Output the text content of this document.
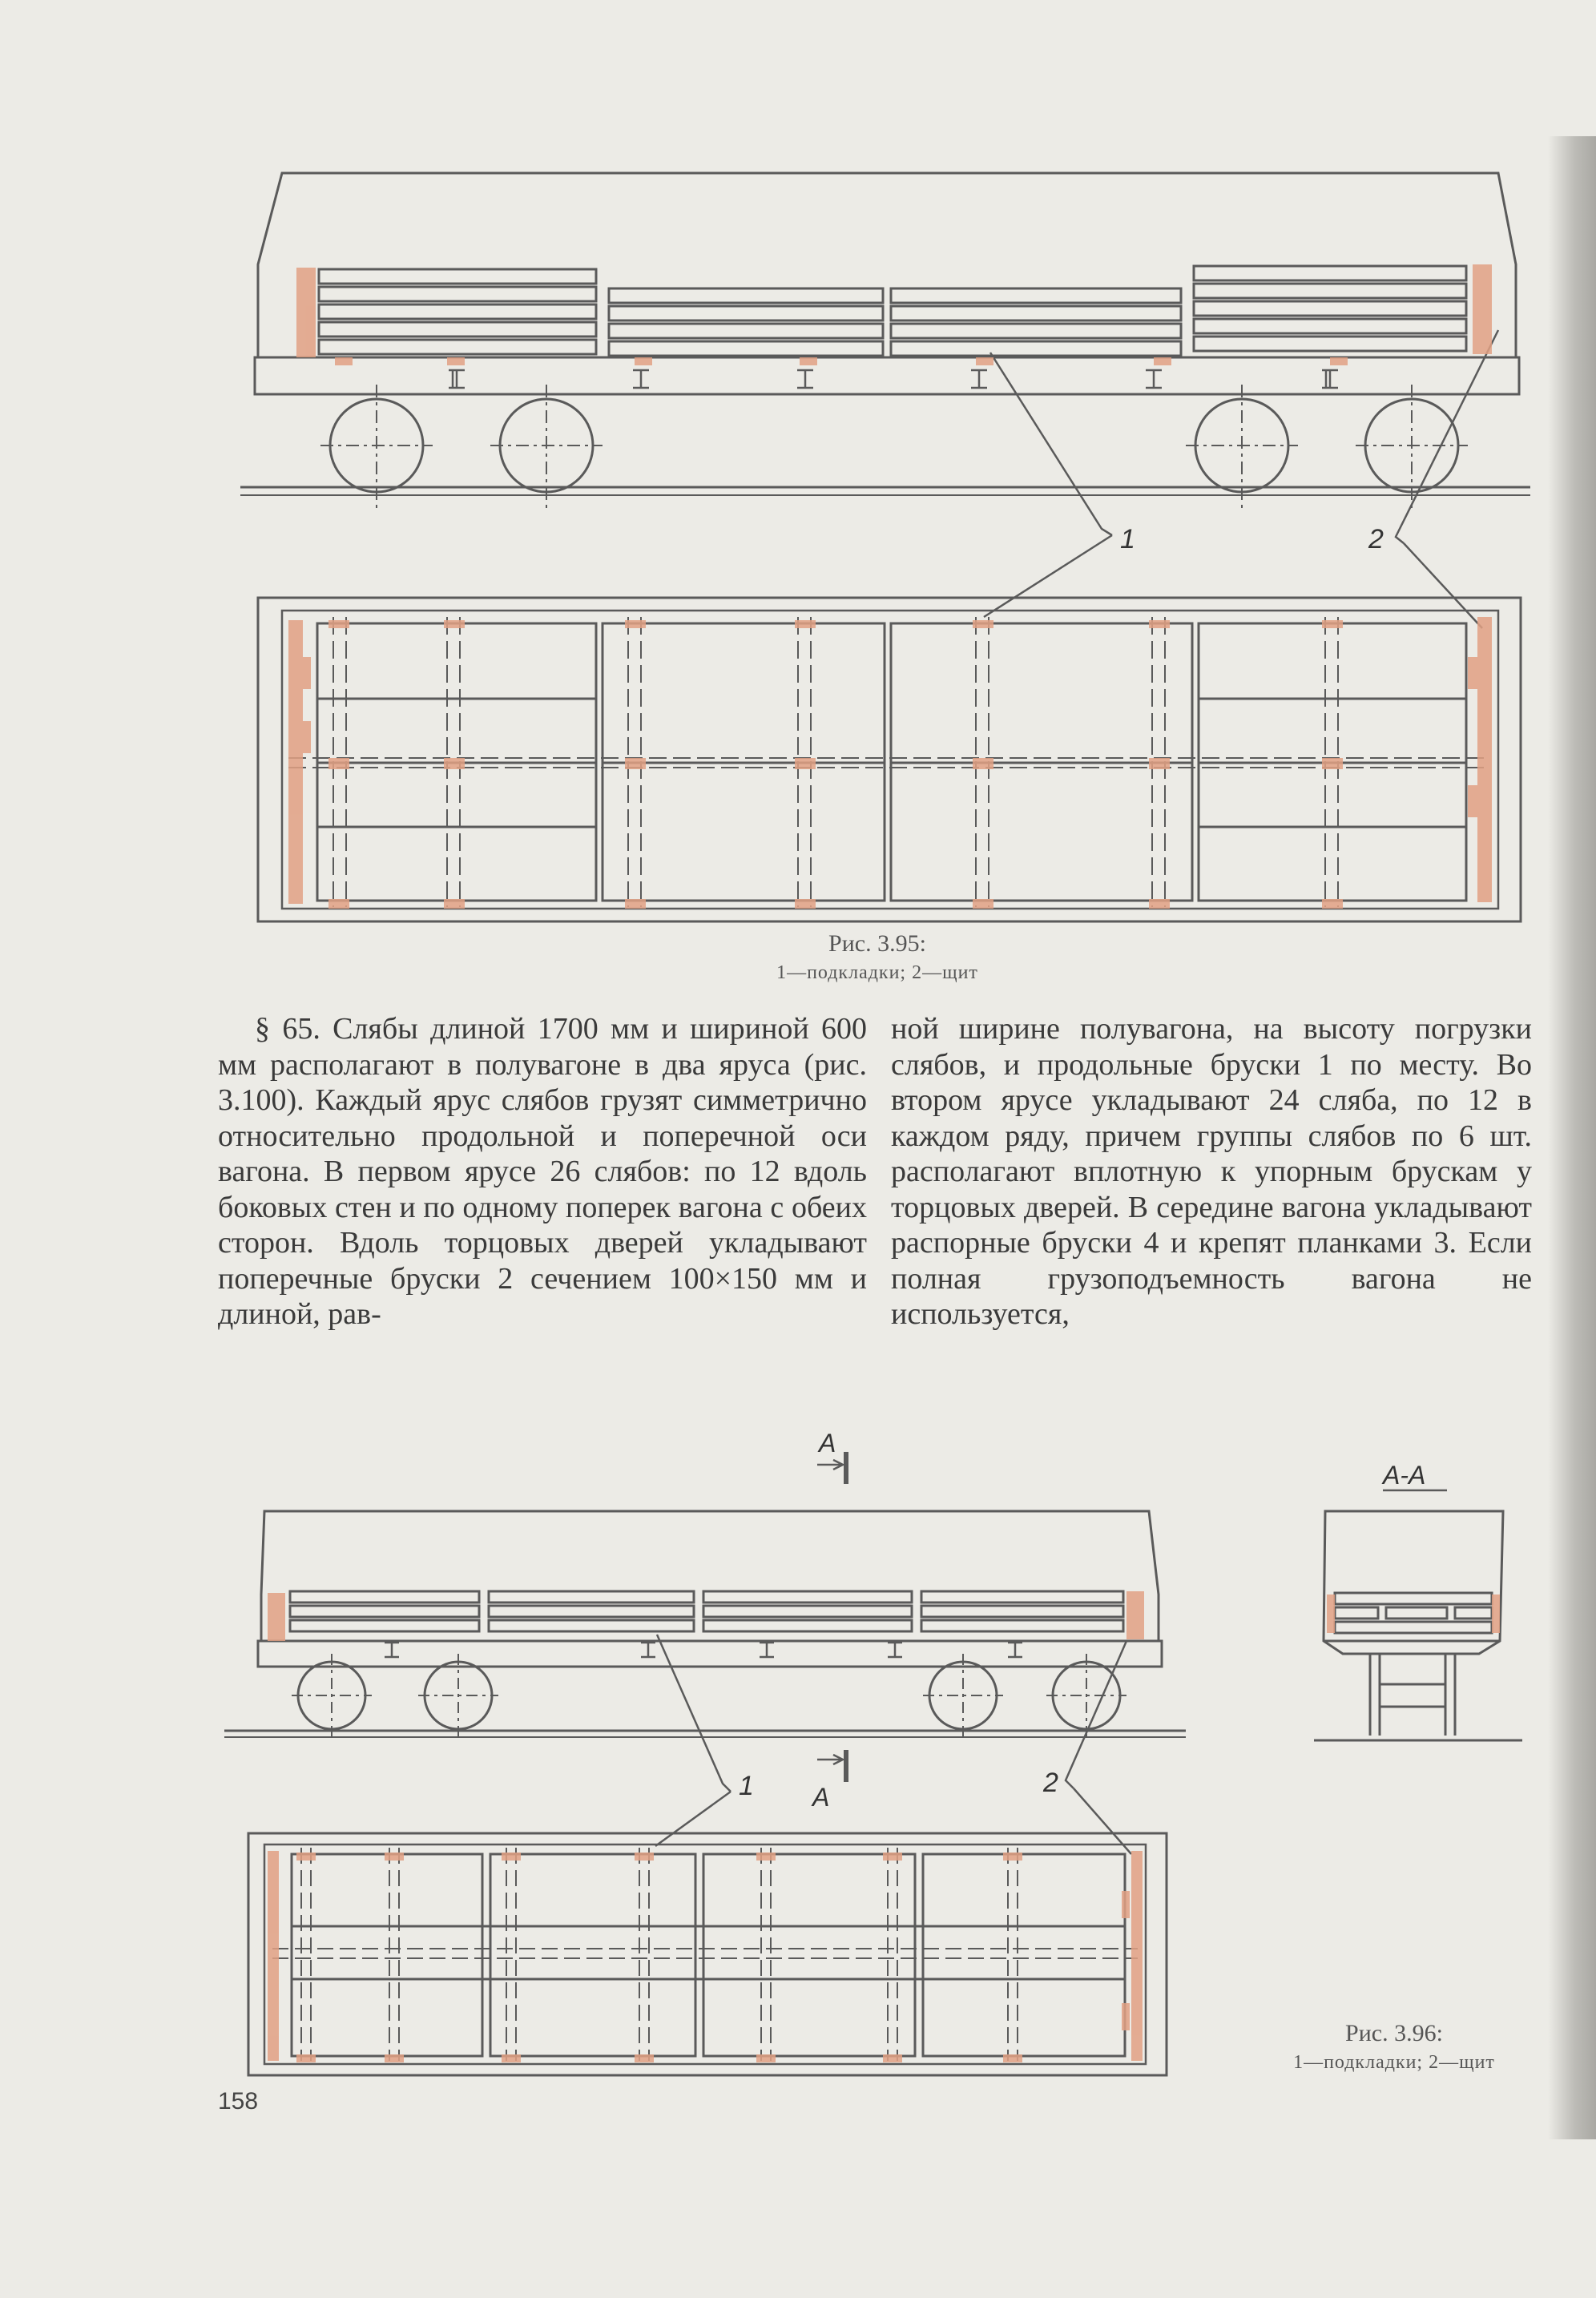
1	2
Рис. 3.95:
1—подкладки; 2—щит

§ 65. Слябы длиной 1700 мм и шириной 600 мм располагают в полувагоне в два яруса (рис. 3.100). Каждый ярус слябов грузят симметрично относительно продольной и поперечной оси вагона. В первом ярусе 26 слябов: по 12 вдоль боковых стен и по одному поперек вагона с обеих сторон. Вдоль торцовых дверей укладывают поперечные бруски 2 сечением 100×150 мм и длиной, рав-

ной ширине полувагона, на высоту погрузки слябов, и продольные бруски 1 по месту. Во втором ярусе укладывают 24 сляба, по 12 в каждом ряду, причем группы слябов по 6 шт. располагают вплотную к упорным брускам у торцовых дверей. В середине вагона укладывают распорные бруски 4 и крепят планками 3. Если полная грузоподъемность вагона не используется,

A
A
A-A
1	2
Рис. 3.96:
1—подкладки; 2—щит
158
